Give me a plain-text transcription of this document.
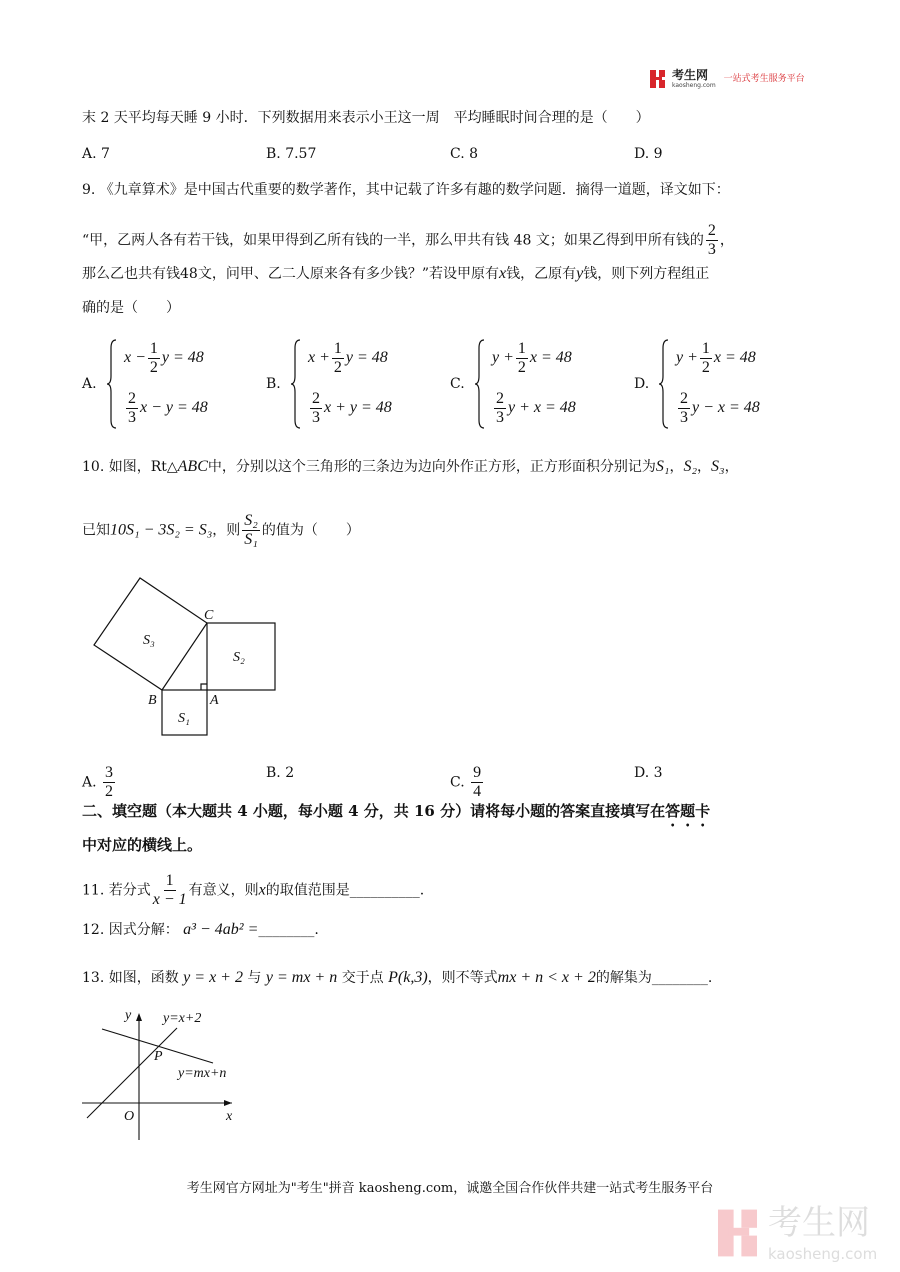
考生网
kaosheng.com
一站式考生服务平台
末 2 天平均每天睡 9 小时．下列数据用来表示小王这一周　平均睡眠时间合理的是（　　）
A. 7	B. 7.57	C. 8	D. 9
9. 《九章算术》是中国古代重要的数学著作，其中记载了许多有趣的数学问题．摘得一道题，译文如下：
“甲，乙两人各有若干钱，如果甲得到乙所有钱的一半，那么甲共有钱 48 文；如果乙得到甲所有钱的 $\frac{2}{3}$ ，
那么乙也共有钱48文，问甲、乙二人原来各有多少钱？”若设甲原有x钱，乙原有y钱，则下列方程组正
确的是（　　）
A.
$x - \frac{1}{2}$ y = 48
$\frac{2}{3}$ x − y = 48
B.
$x + \frac{1}{2}$ y = 48
$\frac{2}{3}$ x + y = 48
C.
$y + \frac{1}{2}$ x = 48
$\frac{2}{3}$ y + x = 48
D.
$y + \frac{1}{2}$ x = 48
$\frac{2}{3}$ y − x = 48
10. 如图，Rt△ABC中，分别以这个三角形的三条边为边向外作正方形，正方形面积分别记为S₁，S₂，S₃，
已知10S₁ − 3S₂ = S₃，则 $\frac{\text{S₂}}{\text{S₁}}$ 的值为（　　）
B	A
C
S₁
S₂
S₃
y
x
O
P
y=x+2
y=mx+n
A. $\frac{3}{2}$	B. 2
C. $\frac{9}{4}$	D. 3
二、填空题（本大题共 4 小题，每小题 4 分，共 16 分）请将每小题的答案直接填写在答题卡
中对应的横线上。
11. 若分式 $\frac{1}{x - 1}$ 有意义，则x的取值范围是__________.
12. 因式分解： a³ − 4ab² =________.
13. 如图，函数 y = x + 2 与 y = mx + n 交于点 P(k,3)，则不等式mx + n < x + 2的解集为________.
考生网官方网址为"考生"拼音 kaosheng.com，诚邀全国合作伙伴共建一站式考生服务平台
考生网
kaosheng.com
